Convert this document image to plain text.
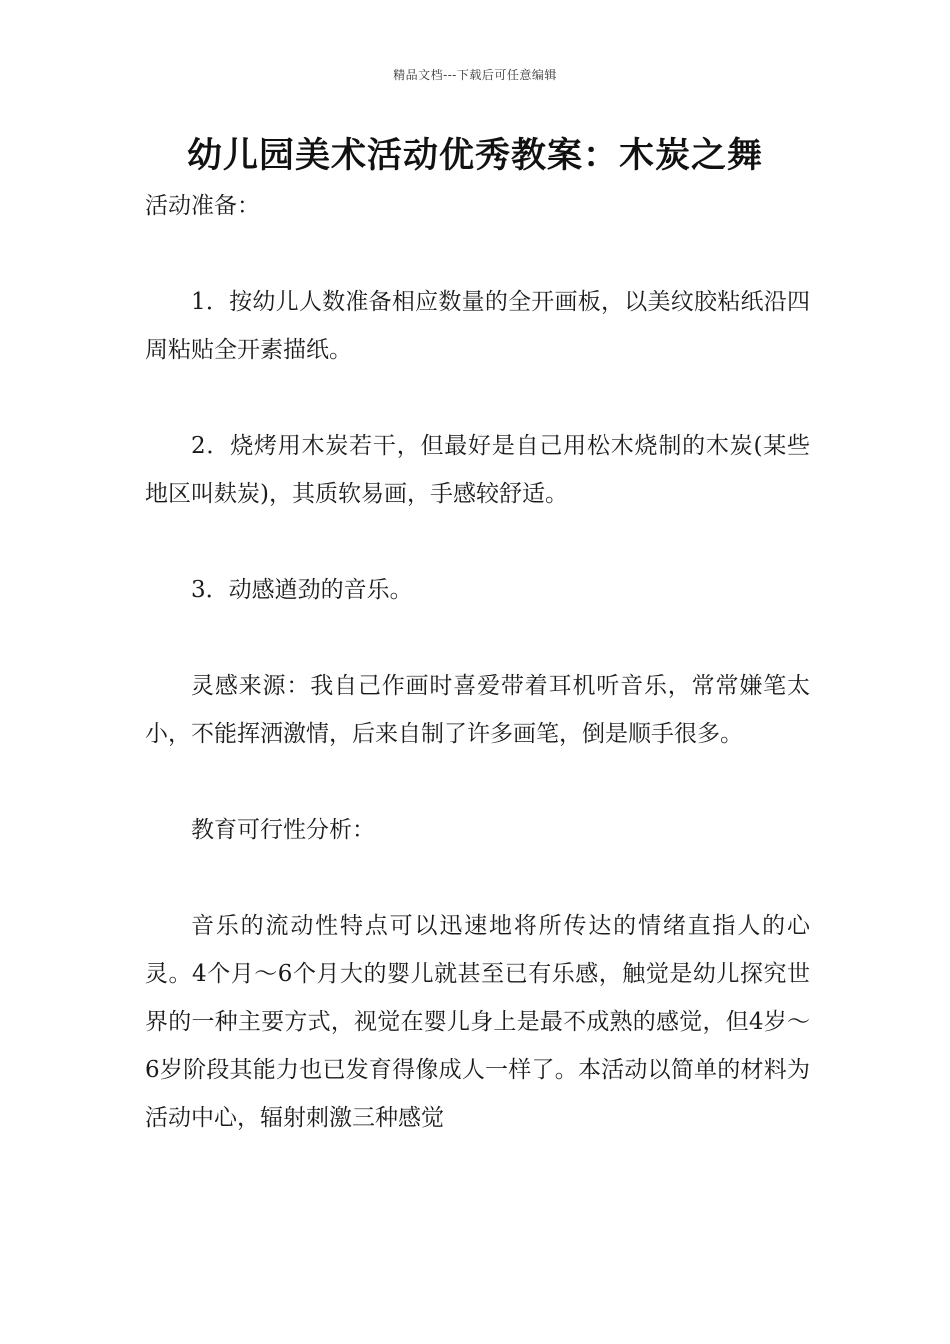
精品文档---下载后可任意编辑
幼儿园美术活动优秀教案：木炭之舞

活动准备：

1．按幼儿人数准备相应数量的全开画板，以美纹胶粘纸沿四周粘贴全开素描纸。

2．烧烤用木炭若干，但最好是自己用松木烧制的木炭(某些地区叫麸炭)，其质软易画，手感较舒适。

3．动感遒劲的音乐。

灵感来源：我自己作画时喜爱带着耳机听音乐，常常嫌笔太小，不能挥洒激情，后来自制了许多画笔，倒是顺手很多。

教育可行性分析：

音乐的流动性特点可以迅速地将所传达的情绪直指人的心灵。4个月～6个月大的婴儿就甚至已有乐感，触觉是幼儿探究世界的一种主要方式，视觉在婴儿身上是最不成熟的感觉，但4岁～6岁阶段其能力也已发育得像成人一样了。本活动以简单的材料为活动中心，辐射刺激三种感觉
